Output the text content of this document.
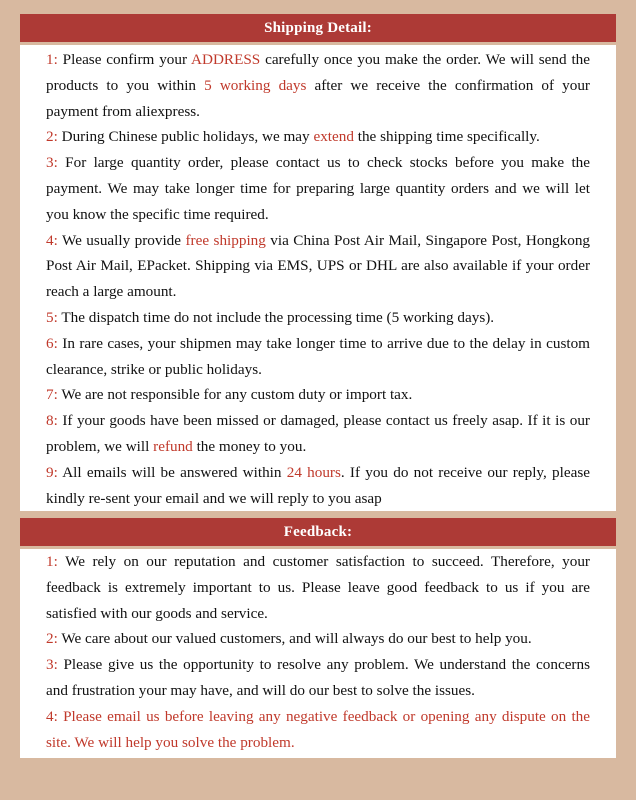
Shipping Detail:

1: Please confirm your ADDRESS carefully once you make the order. We will send the products to you within 5 working days after we receive the confirmation of your payment from aliexpress.

2: During Chinese public holidays, we may extend the shipping time specifically.

3: For large quantity order, please contact us to check stocks before you make the payment. We may take longer time for preparing large quantity orders and we will let you know the specific time required.

4: We usually provide free shipping via China Post Air Mail, Singapore Post, Hongkong Post Air Mail, EPacket. Shipping via EMS, UPS or DHL are also available if your order reach a large amount.

5: The dispatch time do not include the processing time (5 working days).

6: In rare cases, your shipmen may take longer time to arrive due to the delay in custom clearance, strike or public holidays.

7: We are not responsible for any custom duty or import tax.

8: If your goods have been missed or damaged, please contact us freely asap. If it is our problem, we will refund the money to you.

9: All emails will be answered within 24 hours. If you do not receive our reply, please kindly re-sent your email and we will reply to you asap

Feedback:

1: We rely on our reputation and customer satisfaction to succeed. Therefore, your feedback is extremely important to us. Please leave good feedback to us if you are satisfied with our goods and service.

2: We care about our valued customers, and will always do our best to help you.

3: Please give us the opportunity to resolve any problem. We understand the concerns and frustration your may have, and will do our best to solve the issues.

4: Please email us before leaving any negative feedback or opening any dispute on the site. We will help you solve the problem.
